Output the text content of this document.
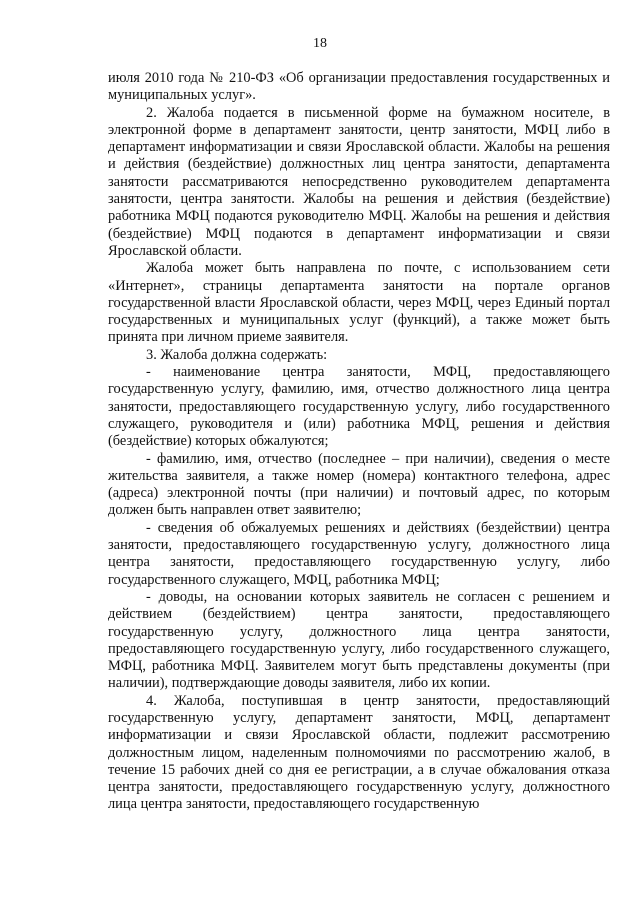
18

июля 2010 года № 210-ФЗ «Об организации предоставления государственных и муниципальных услуг».

2. Жалоба подается в письменной форме на бумажном носителе, в электронной форме в департамент занятости, центр занятости, МФЦ либо в департамент информатизации и связи Ярославской области. Жалобы на решения и действия (бездействие) должностных лиц центра занятости, департамента занятости рассматриваются непосредственно руководителем департамента занятости, центра занятости. Жалобы на решения и действия (бездействие) работника МФЦ подаются руководителю МФЦ. Жалобы на решения и действия (бездействие) МФЦ подаются в департамент информатизации и связи Ярославской области.

Жалоба может быть направлена по почте, с использованием сети «Интернет», страницы департамента занятости на портале органов государственной власти Ярославской области, через МФЦ, через Единый портал государственных и муниципальных услуг (функций), а также может быть принята при личном приеме заявителя.

3. Жалоба должна содержать:

- наименование центра занятости, МФЦ, предоставляющего государственную услугу, фамилию, имя, отчество должностного лица центра занятости, предоставляющего государственную услугу, либо государственного служащего, руководителя и (или) работника МФЦ, решения и действия (бездействие) которых обжалуются;

- фамилию, имя, отчество (последнее – при наличии), сведения о месте жительства заявителя, а также номер (номера) контактного телефона, адрес (адреса) электронной почты (при наличии) и почтовый адрес, по которым должен быть направлен ответ заявителю;

- сведения об обжалуемых решениях и действиях (бездействии) центра занятости, предоставляющего государственную услугу, должностного лица центра занятости, предоставляющего государственную услугу, либо государственного служащего, МФЦ, работника МФЦ;

- доводы, на основании которых заявитель не согласен с решением и действием (бездействием) центра занятости, предоставляющего государственную услугу, должностного лица центра занятости, предоставляющего государственную услугу, либо государственного служащего, МФЦ, работника МФЦ. Заявителем могут быть представлены документы (при наличии), подтверждающие доводы заявителя, либо их копии.

4. Жалоба, поступившая в центр занятости, предоставляющий государственную услугу, департамент занятости, МФЦ, департамент информатизации и связи Ярославской области, подлежит рассмотрению должностным лицом, наделенным полномочиями по рассмотрению жалоб, в течение 15 рабочих дней со дня ее регистрации, а в случае обжалования отказа центра занятости, предоставляющего государственную услугу, должностного лица центра занятости, предоставляющего государственную
